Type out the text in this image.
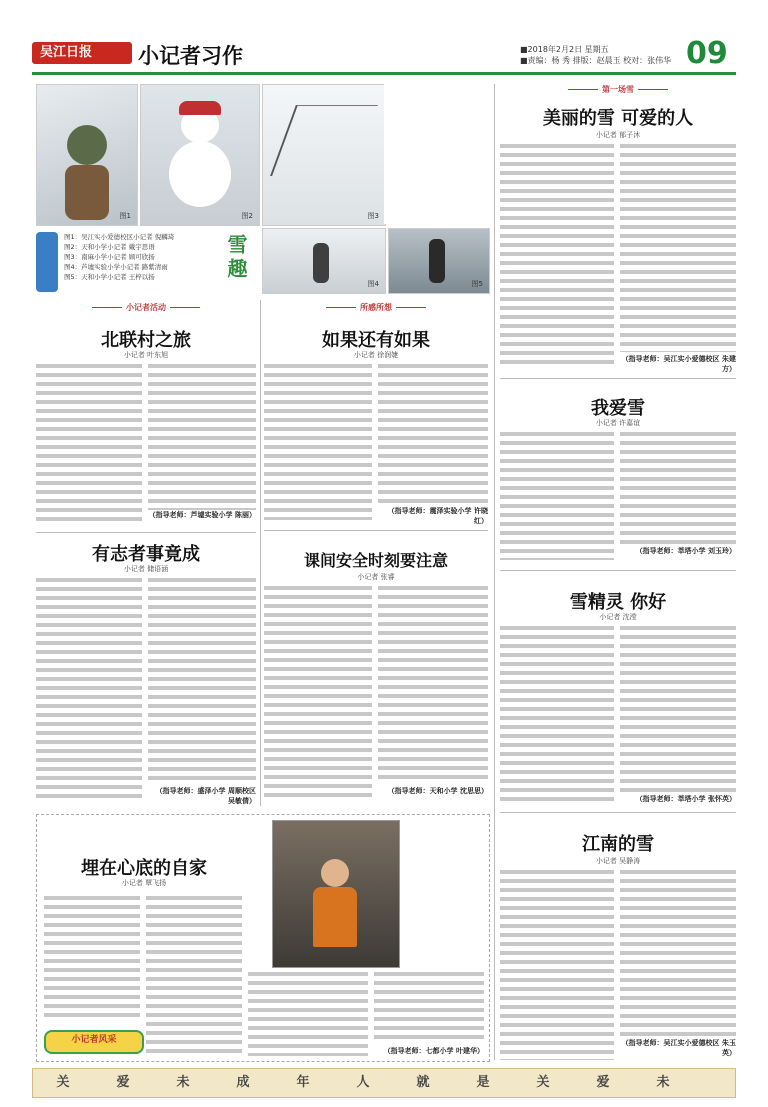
吴江日报	小记者习作	■2018年2月2日 星期五
■责编：杨 秀 排版：赵晨玉 校对：张伟华 09
图1	图2	图3
图4	图5
图1：吴江实小爱德校区小记者 倪麟琦
图2：天和小学小记者 戴宇思语
图3：南麻小学小记者 顾可欣扬
图4：芦墟实验小学小记者 路紫清雨
图5：天和小学小记者 王梓以扬	雪趣
第一场雪
美丽的雪 可爱的人
小记者 郁子沐
（指导老师：吴江实小爱德校区 朱建方）
我爱雪
小记者 许嘉谊
（指导老师：莘塔小学 刘玉玲）
雪精灵 你好
小记者 沈滢
（指导老师：莘塔小学 张怀英）
江南的雪
小记者 吴静涛
（指导老师：吴江实小爱德校区 朱玉英）
小记者活动	所感所想
北联村之旅
小记者 叶东旭
（指导老师：芦墟实验小学 陈丽）
有志者事竟成
小记者 储语涵
（指导老师：盛泽小学 周顺校区 吴敏倩）
如果还有如果
小记者 徐润婕
（指导老师：震泽实验小学 许晓红）
课间安全时刻要注意
小记者 张睿
（指导老师：天和小学 沈思思）
埋在心底的自家
小记者 覃飞扬
（指导老师：七都小学 叶建华）
小记者风采
关	爱	未	成	年	人	就	是	关	爱	未
